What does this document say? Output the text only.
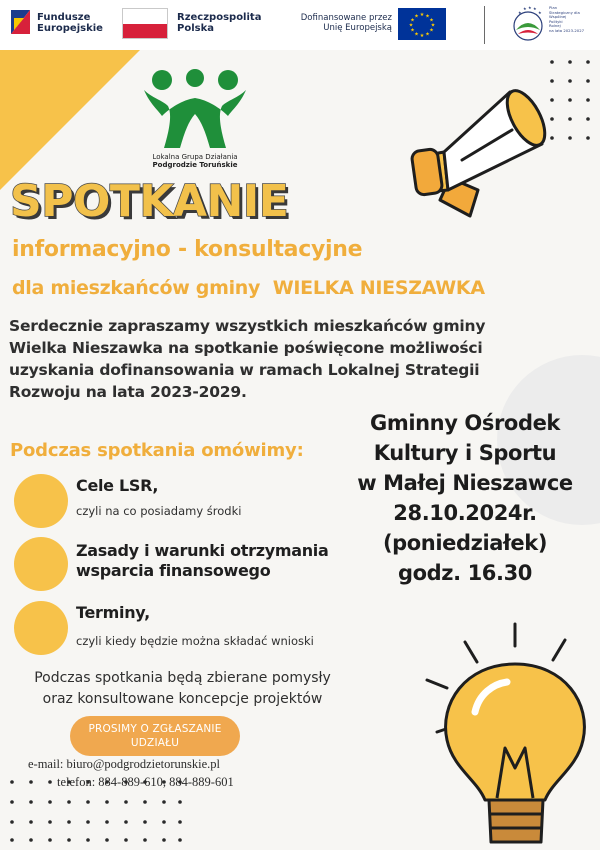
Fundusze
Europejskie
Rzeczpospolita
Polska
Dofinansowane przez
Unię Europejską
★ ★
★
★
★
★
★
★
★
★
★
★
★
★ ★ ★
★
Plan
Strategiczny dla
Wspólnej
Polityki
Rolnej
na lata 2023-2027
Lokalna Grupa Działania
Podgrodzie Toruńskie
SPOTKANIE
informacyjno - konsultacyjne
dla mieszkańców gminy WIELKA NIESZAWKA
Serdecznie zapraszamy wszystkich mieszkańców gminy
Wielka Nieszawka na spotkanie poświęcone możliwości
uzyskania dofinansowania w ramach Lokalnej Strategii
Rozwoju na lata 2023-2029.
Gminny Ośrodek
Kultury i Sportu
w Małej Nieszawce
28.10.2024r.
(poniedziałek)
godz. 16.30
Podczas spotkania omówimy:
Cele LSR,
czyli na co posiadamy środki
Zasady i warunki otrzymania
wsparcia finansowego
Terminy,
czyli kiedy będzie można składać wnioski
Podczas spotkania będą zbierane pomysły
oraz konsultowane koncepcje projektów
PROSIMY O ZGŁASZANIE
UDZIAŁU
e-mail: biuro@podgrodzietorunskie.pl
telefon: 884-889-610, 884-889-601
